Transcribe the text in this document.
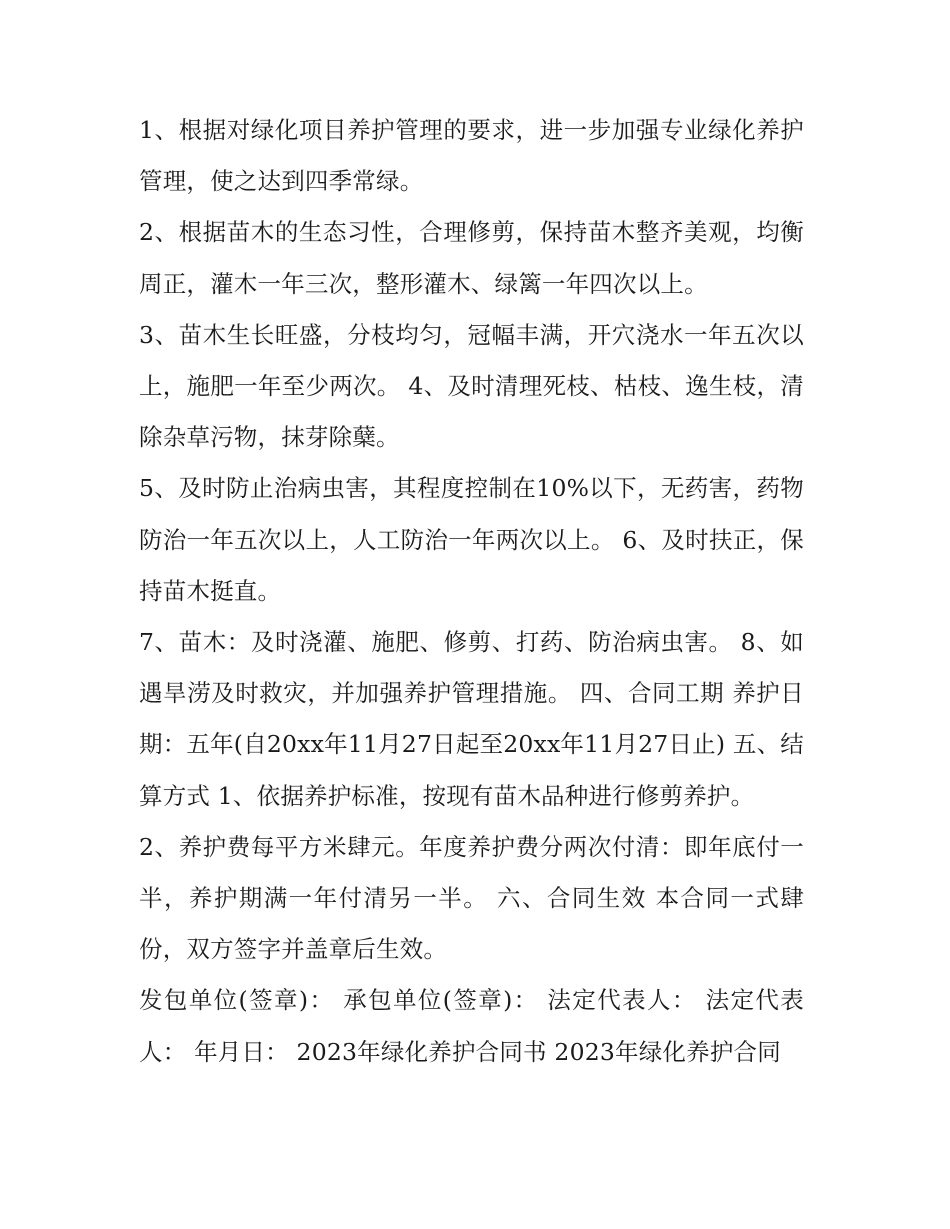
1、根据对绿化项目养护管理的要求，进一步加强专业绿化养护管理，使之达到四季常绿。

2、根据苗木的生态习性，合理修剪，保持苗木整齐美观，均衡周正，灌木一年三次，整形灌木、绿篱一年四次以上。

3、苗木生长旺盛，分枝均匀，冠幅丰满，开穴浇水一年五次以上，施肥一年至少两次。 4、及时清理死枝、枯枝、逸生枝，清除杂草污物，抹芽除蘖。

5、及时防止治病虫害，其程度控制在10%以下，无药害，药物防治一年五次以上，人工防治一年两次以上。 6、及时扶正，保持苗木挺直。

7、苗木：及时浇灌、施肥、修剪、打药、防治病虫害。 8、如遇旱涝及时救灾，并加强养护管理措施。 四、合同工期 养护日期：五年(自20xx年11月27日起至20xx年11月27日止) 五、结算方式 1、依据养护标准，按现有苗木品种进行修剪养护。

2、养护费每平方米肆元。年度养护费分两次付清：即年底付一半，养护期满一年付清另一半。 六、合同生效 本合同一式肆份，双方签字并盖章后生效。

发包单位(签章)： 承包单位(签章)： 法定代表人： 法定代表人： 年月日： 2023年绿化养护合同书 2023年绿化养护合同
